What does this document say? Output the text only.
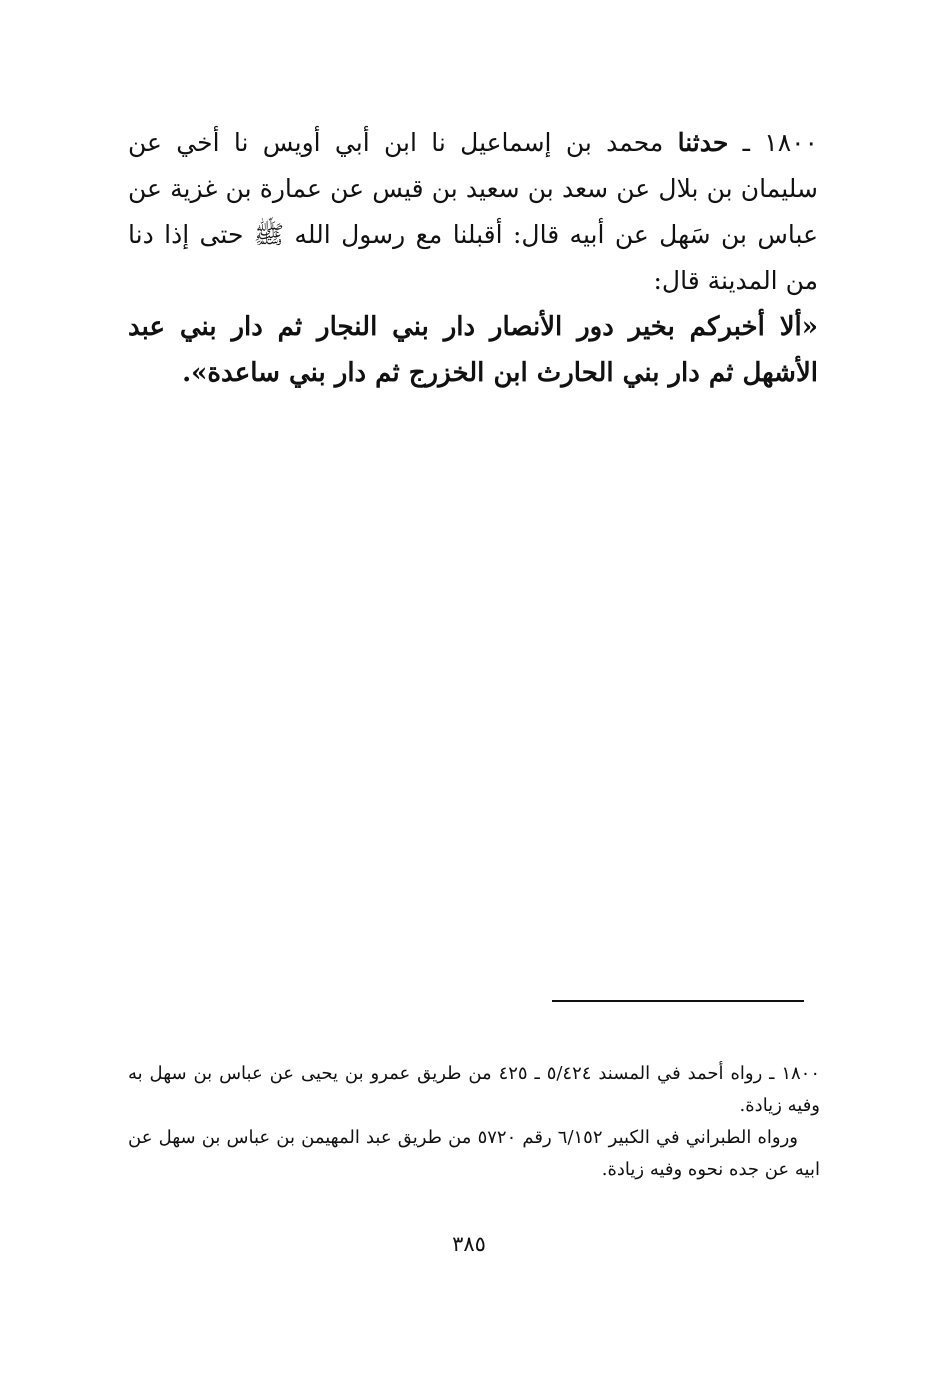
١٨٠٠ ـ حدثنا محمد بن إسماعيل نا ابن أبي أويس نا أخي عن سليمان بن بلال عن سعد بن سعيد بن قيس عن عمارة بن غزية عن عباس بن سَهل عن أبيه قال: أقبلنا مع رسول الله ﷺ حتى إذا دنا من المدينة قال:

«ألا أخبركم بخير دور الأنصار دار بني النجار ثم دار بني عبد الأشهل ثم دار بني الحارث ابن الخزرج ثم دار بني ساعدة».

١٨٠٠ ـ رواه أحمد في المسند ٥/٤٢٤ ـ ٤٢٥ من طريق عمرو بن يحيى عن عباس بن سهل به وفيه زيادة.

ورواه الطبراني في الكبير ٦/١٥٢ رقم ٥٧٢٠ من طريق عبد المهيمن بن عباس بن سهل عن ابيه عن جده نحوه وفيه زيادة.

٣٨٥
